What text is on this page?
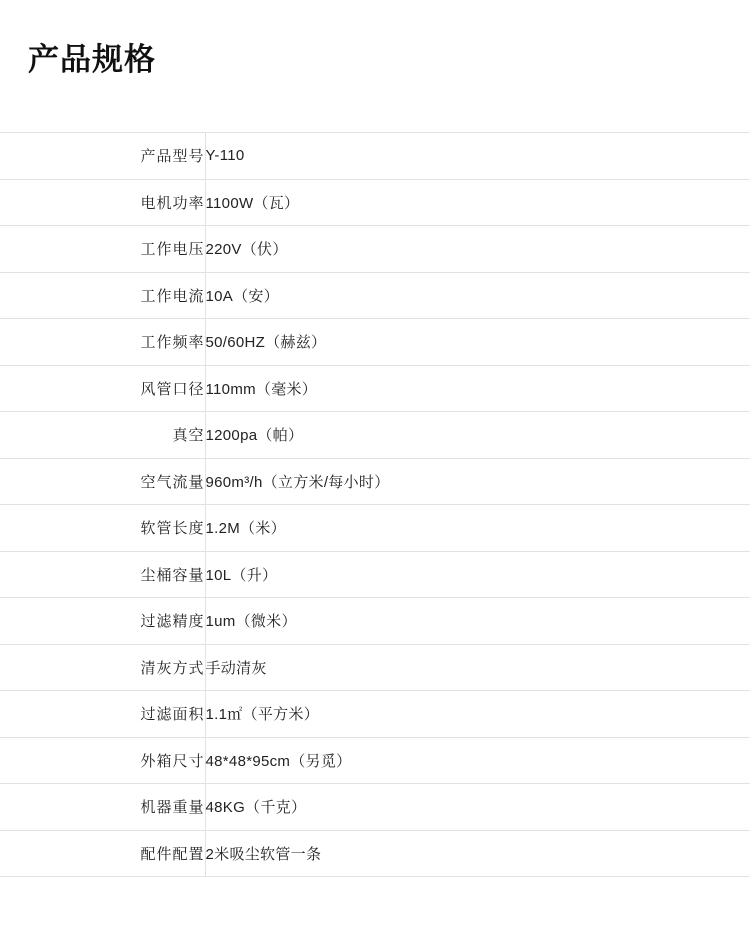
产品规格
产品型号	Y-110
电机功率	1100W（瓦）
工作电压	220V（伏）
工作电流	10A（安）
工作频率	50/60HZ（赫兹）
风管口径	110mm（毫米）
真空	1200pa（帕）
空气流量	960m³/h（立方米/每小时）
软管长度	1.2M（米）
尘桶容量	10L（升）
过滤精度	1um（微米）
清灰方式	手动清灰
过滤面积	1.1㎡（平方米）
外箱尺寸	48*48*95cm（另觅）
机器重量	48KG（千克）
配件配置	2米吸尘软管一条
